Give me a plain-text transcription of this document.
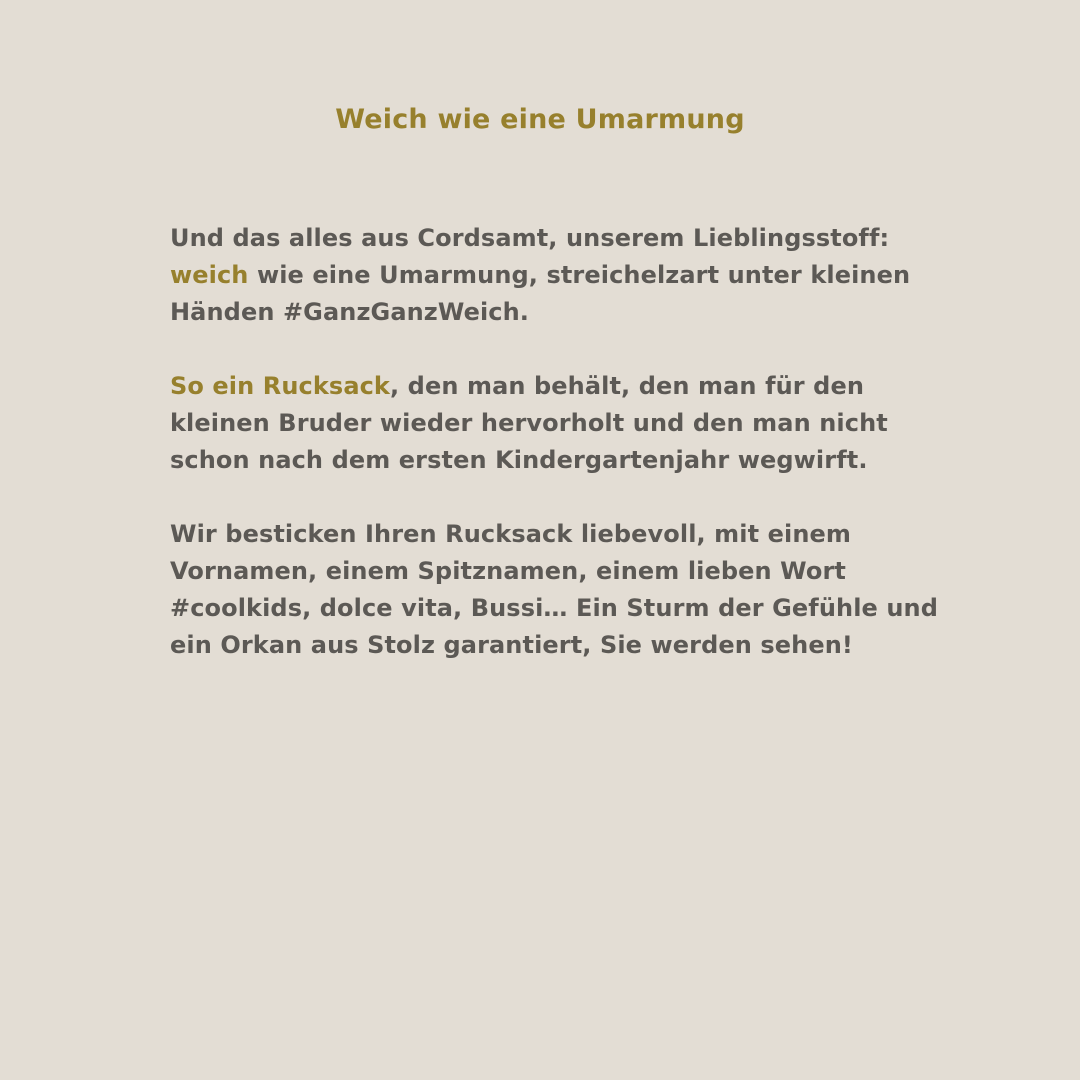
Weich wie eine Umarmung

Und das alles aus Cordsamt, unserem Lieblingsstoff:
weich wie eine Umarmung, streichelzart unter kleinen
Händen #GanzGanzWeich.

So ein Rucksack, den man behält, den man für den
kleinen Bruder wieder hervorholt und den man nicht
schon nach dem ersten Kindergartenjahr wegwirft.

Wir besticken Ihren Rucksack liebevoll, mit einem
Vornamen, einem Spitznamen, einem lieben Wort
#coolkids, dolce vita, Bussi… Ein Sturm der Gefühle und
ein Orkan aus Stolz garantiert, Sie werden sehen!
